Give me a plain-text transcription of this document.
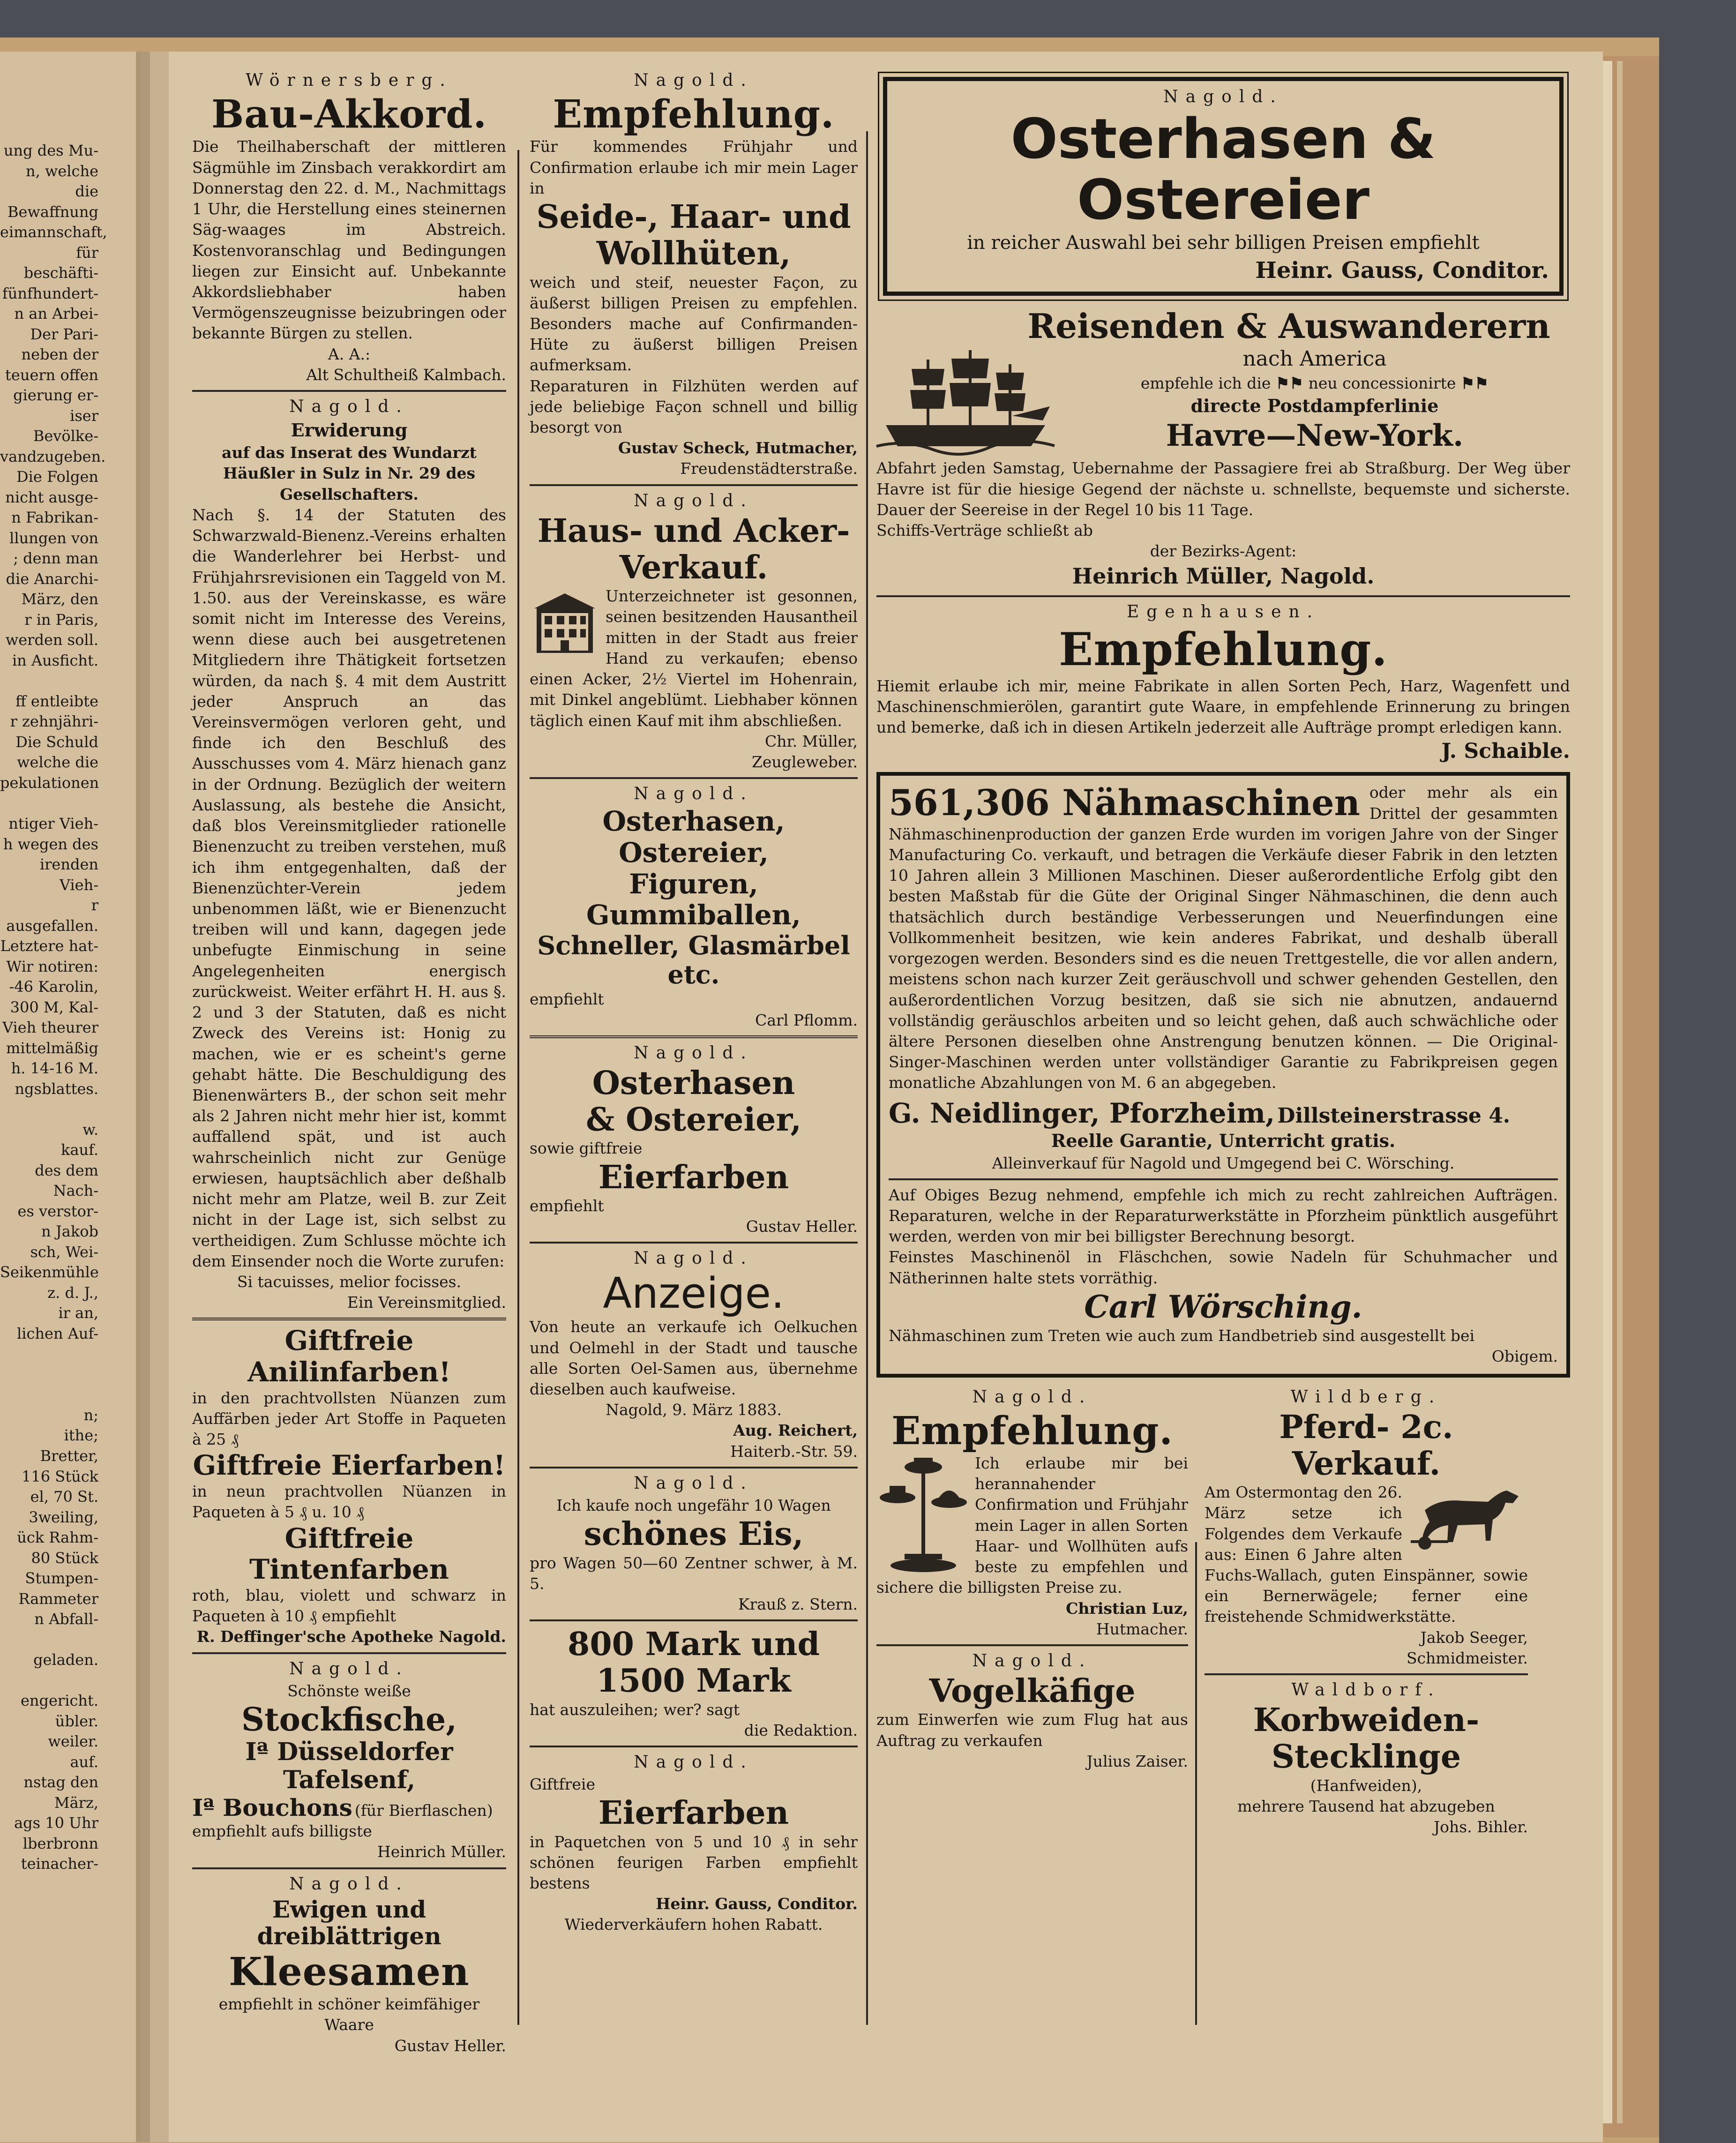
ung des Mu-
n, welche die
Bewaffnung
eimannschaft,
für beschäfti-
fünfhundert-
n an Arbei-
Der Pari-
neben der
teuern offen
gierung er-
iser Bevölke-
vandzugeben.
Die Folgen
nicht ausge-
n Fabrikan-
llungen von
; denn man
die Anarchi-
März, den
r in Paris,
werden soll.
in Ausficht.

ff entleibte
r zehnjähri-
Die Schuld
welche die
pekulationen

ntiger Vieh-
h wegen des
irenden Vieh-
r ausgefallen.
Letztere hat-
Wir notiren:
-46 Karolin,
300 M, Kal-
Vieh theurer
mittelmäßig
h. 14-16 M.
ngsblattes.

w.
kauf.
des dem Nach-
es verstor-
n Jakob
sch, Wei-
Seikenmühle
z. d. J.,
ir an,
lichen Auf-

n;
ithe;
Bretter,
116 Stück
el, 70 St.
3weiling,
ück Rahm-
80 Stück
Stumpen-
Rammeter
n Abfall-

geladen.

engericht.
übler.
weiler.
auf.
nstag den
März,
ags 10 Uhr
lberbronn
teinacher-
Wörnersberg.
Bau-Akkord.

Die Theilhaberschaft der mittleren Sägmühle im Zinsbach verakkordirt am Donnerstag den 22. d. M., Nachmittags 1 Uhr, die Herstellung eines steinernen Säg-waages im Abstreich. Kostenvoranschlag und Bedingungen liegen zur Einsicht auf. Unbekannte Akkordsliebhaber haben Vermögenszeugnisse beizubringen oder bekannte Bürgen zu stellen.

A. A.:

Alt Schultheiß Kalmbach.

Nagold.
Erwiderung

auf das Inserat des Wundarzt Häußler in Sulz in Nr. 29 des Gesellschafters.

Nach §. 14 der Statuten des Schwarzwald-Bienenz.-Vereins erhalten die Wanderlehrer bei Herbst- und Frühjahrsrevisionen ein Taggeld von M. 1.50. aus der Vereinskasse, es wäre somit nicht im Interesse des Vereins, wenn diese auch bei ausgetretenen Mitgliedern ihre Thätigkeit fortsetzen würden, da nach §. 4 mit dem Austritt jeder Anspruch an das Vereinsvermögen verloren geht, und finde ich den Beschluß des Ausschusses vom 4. März hienach ganz in der Ordnung. Bezüglich der weitern Auslassung, als bestehe die Ansicht, daß blos Vereinsmitglieder rationelle Bienenzucht zu treiben verstehen, muß ich ihm entgegenhalten, daß der Bienenzüchter-Verein jedem unbenommen läßt, wie er Bienenzucht treiben will und kann, dagegen jede unbefugte Einmischung in seine Angelegenheiten energisch zurückweist. Weiter erfährt H. H. aus §. 2 und 3 der Statuten, daß es nicht Zweck des Vereins ist: Honig zu machen, wie er es scheint's gerne gehabt hätte. Die Beschuldigung des Bienenwärters B., der schon seit mehr als 2 Jahren nicht mehr hier ist, kommt auffallend spät, und ist auch wahrscheinlich nicht zur Genüge erwiesen, hauptsächlich aber deßhalb nicht mehr am Platze, weil B. zur Zeit nicht in der Lage ist, sich selbst zu vertheidigen. Zum Schlusse möchte ich dem Einsender noch die Worte zurufen:

Si tacuisses, melior focisses.

Ein Vereinsmitglied.

Giftfreie Anilinfarben!

in den prachtvollsten Nüanzen zum Auffärben jeder Art Stoffe in Paqueten à 25 ₰

Giftfreie Eierfarben!

in neun prachtvollen Nüanzen in Paqueten à 5 ₰ u. 10 ₰

Giftfreie Tintenfarben

roth, blau, violett und schwarz in Paqueten à 10 ₰ empfiehlt

R. Deffinger'sche Apotheke Nagold.

Nagold.

Schönste weiße

Stockfische,
Iª Düsseldorfer Tafelsenf,
Iª Bouchons (für Bierflaschen)

empfiehlt aufs billigste

Heinrich Müller.

Nagold.
Ewigen und dreiblättrigen
Kleesamen

empfiehlt in schöner keimfähiger Waare

Gustav Heller.

Nagold.
Empfehlung.

Für kommendes Frühjahr und Confirmation erlaube ich mir mein Lager in

Seide-, Haar- und Wollhüten,

weich und steif, neuester Façon, zu äußerst billigen Preisen zu empfehlen. Besonders mache auf Confirmanden-Hüte zu äußerst billigen Preisen aufmerksam.

Reparaturen in Filzhüten werden auf jede beliebige Façon schnell und billig besorgt von

Gustav Scheck, Hutmacher,

Freudenstädterstraße.

Nagold.
Haus- und Acker-Verkauf.

Unterzeichneter ist gesonnen, seinen besitzenden Hausantheil mitten in der Stadt aus freier Hand zu verkaufen; ebenso einen Acker, 2½ Viertel im Hohenrain, mit Dinkel angeblümt. Liebhaber können täglich einen Kauf mit ihm abschließen.

Chr. Müller,

Zeugleweber.

Nagold.
Osterhasen, Ostereier,
Figuren, Gummiballen,
Schneller, Glasmärbel etc.

empfiehlt

Carl Pflomm.

Nagold.
Osterhasen
& Ostereier,

sowie giftfreie

Eierfarben

empfiehlt

Gustav Heller.

Nagold.
Anzeige.

Von heute an verkaufe ich Oelkuchen und Oelmehl in der Stadt und tausche alle Sorten Oel-Samen aus, übernehme dieselben auch kaufweise.

Nagold, 9. März 1883.

Aug. Reichert,

Haiterb.-Str. 59.

Nagold.

Ich kaufe noch ungefähr 10 Wagen

schönes Eis,

pro Wagen 50—60 Zentner schwer, à M. 5.

Krauß z. Stern.

800 Mark und
1500 Mark

hat auszuleihen; wer? sagt

die Redaktion.

Nagold.

Giftfreie

Eierfarben

in Paquetchen von 5 und 10 ₰ in sehr schönen feurigen Farben empfiehlt bestens

Heinr. Gauss, Conditor.

Wiederverkäufern hohen Rabatt.

Nagold.
Osterhasen & Ostereier

in reicher Auswahl bei sehr billigen Preisen empfiehlt

Heinr. Gauss, Conditor.

Reisenden & Auswanderern

nach America

empfehle ich die ⚑⚑ neu concessionirte ⚑⚑

directe Postdampferlinie

Havre—New-York.

Abfahrt jeden Samstag, Uebernahme der Passagiere frei ab Straßburg. Der Weg über Havre ist für die hiesige Gegend der nächste u. schnellste, bequemste und sicherste. Dauer der Seereise in der Regel 10 bis 11 Tage.

Schiffs-Verträge schließt ab

der Bezirks-Agent:

Heinrich Müller, Nagold.

Egenhausen.
Empfehlung.

Hiemit erlaube ich mir, meine Fabrikate in allen Sorten Pech, Harz, Wagenfett und Maschinenschmierölen, garantirt gute Waare, in empfehlende Erinnerung zu bringen und bemerke, daß ich in diesen Artikeln jederzeit alle Aufträge prompt erledigen kann.

J. Schaible.

561,306 Nähmaschinen oder mehr als ein Drittel der gesammten Nähmaschinenproduction der ganzen Erde wurden im vorigen Jahre von der Singer Manufacturing Co. verkauft, und betragen die Verkäufe dieser Fabrik in den letzten 10 Jahren allein 3 Millionen Maschinen. Dieser außerordentliche Erfolg gibt den besten Maßstab für die Güte der Original Singer Nähmaschinen, die denn auch thatsächlich durch beständige Verbesserungen und Neuerfindungen eine Vollkommenheit besitzen, wie kein anderes Fabrikat, und deshalb überall vorgezogen werden. Besonders sind es die neuen Trettgestelle, die vor allen andern, meistens schon nach kurzer Zeit geräuschvoll und schwer gehenden Gestellen, den außerordentlichen Vorzug besitzen, daß sie sich nie abnutzen, andauernd vollständig geräuschlos arbeiten und so leicht gehen, daß auch schwächliche oder ältere Personen dieselben ohne Anstrengung benutzen können. — Die Original-Singer-Maschinen werden unter vollständiger Garantie zu Fabrikpreisen gegen monatliche Abzahlungen von M. 6 an abgegeben.

G. Neidlinger, Pforzheim, Dillsteinerstrasse 4.

Reelle Garantie, Unterricht gratis.

Alleinverkauf für Nagold und Umgegend bei C. Wörsching.

Auf Obiges Bezug nehmend, empfehle ich mich zu recht zahlreichen Aufträgen. Reparaturen, welche in der Reparaturwerkstätte in Pforzheim pünktlich ausgeführt werden, werden von mir bei billigster Berechnung besorgt.

Feinstes Maschinenöl in Fläschchen, sowie Nadeln für Schuhmacher und Nätherinnen halte stets vorräthig.

Carl Wörsching.

Nähmaschinen zum Treten wie auch zum Handbetrieb sind ausgestellt bei

Obigem.

Nagold.
Empfehlung.

Ich erlaube mir bei herannahender Confirmation und Frühjahr mein Lager in allen Sorten Haar- und Wollhüten aufs beste zu empfehlen und sichere die billigsten Preise zu.

Christian Luz,

Hutmacher.

Nagold.
Vogelkäfige

zum Einwerfen wie zum Flug hat aus Auftrag zu verkaufen

Julius Zaiser.

Wildberg.
Pferd- 2c. Verkauf.

Am Ostermontag den 26. März setze ich Folgendes dem Verkaufe aus: Einen 6 Jahre alten Fuchs-Wallach, guten Einspänner, sowie ein Bernerwägele; ferner eine freistehende Schmidwerkstätte.

Jakob Seeger,

Schmidmeister.

Waldborf.
Korbweiden-
Stecklinge

(Hanfweiden),

mehrere Tausend hat abzugeben

Johs. Bihler.
